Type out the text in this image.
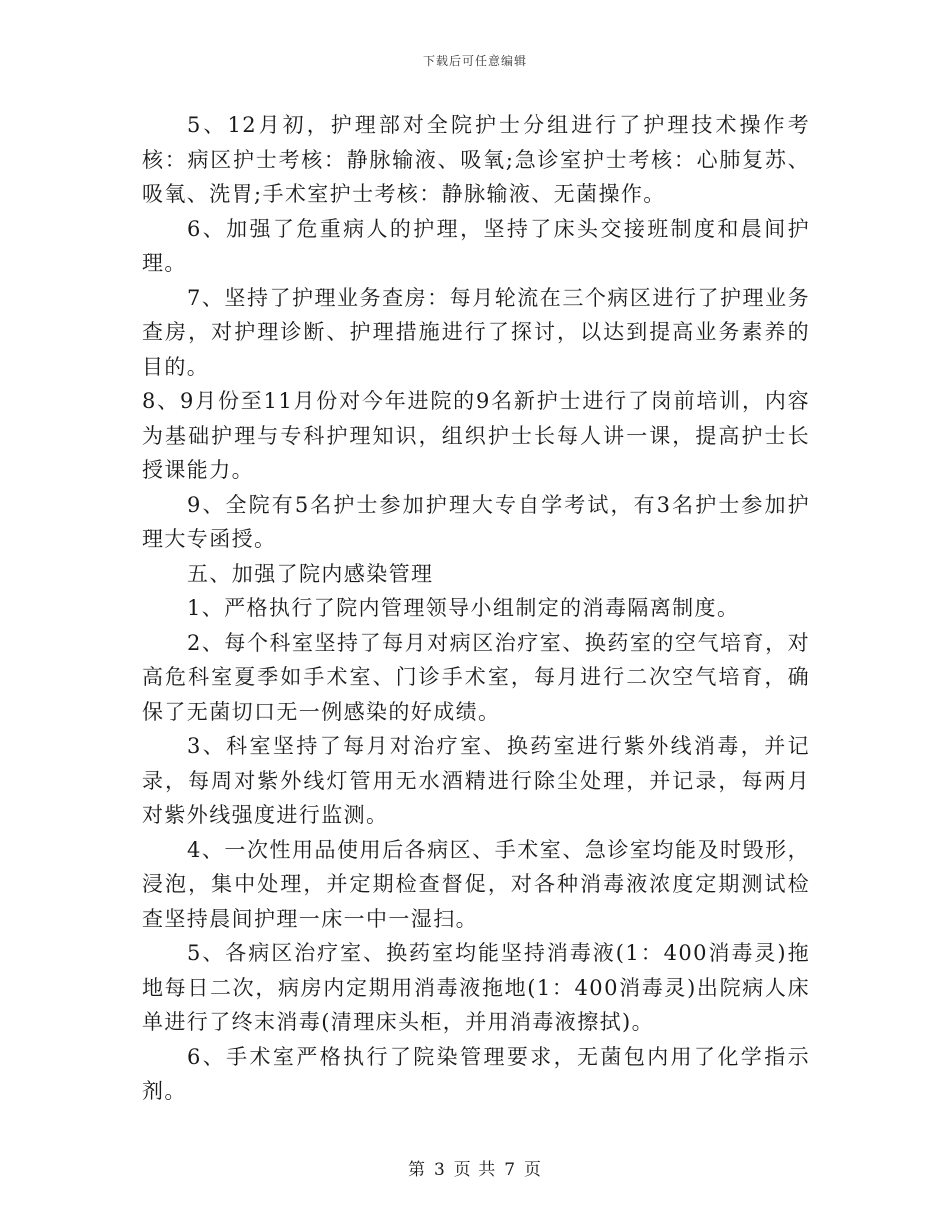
下载后可任意编辑

5、12月初，护理部对全院护士分组进行了护理技术操作考核：病区护士考核：静脉输液、吸氧;急诊室护士考核：心肺复苏、吸氧、洗胃;手术室护士考核：静脉输液、无菌操作。

6、加强了危重病人的护理，坚持了床头交接班制度和晨间护理。

7、坚持了护理业务查房：每月轮流在三个病区进行了护理业务查房，对护理诊断、护理措施进行了探讨，以达到提高业务素养的目的。

8、9月份至11月份对今年进院的9名新护士进行了岗前培训，内容为基础护理与专科护理知识，组织护士长每人讲一课，提高护士长授课能力。

9、全院有5名护士参加护理大专自学考试，有3名护士参加护理大专函授。

五、加强了院内感染管理

1、严格执行了院内管理领导小组制定的消毒隔离制度。

2、每个科室坚持了每月对病区治疗室、换药室的空气培育，对高危科室夏季如手术室、门诊手术室，每月进行二次空气培育，确保了无菌切口无一例感染的好成绩。

3、科室坚持了每月对治疗室、换药室进行紫外线消毒，并记录，每周对紫外线灯管用无水酒精进行除尘处理，并记录，每两月对紫外线强度进行监测。

4、一次性用品使用后各病区、手术室、急诊室均能及时毁形，浸泡，集中处理，并定期检查督促，对各种消毒液浓度定期测试检查坚持晨间护理一床一中一湿扫。

5、各病区治疗室、换药室均能坚持消毒液(1：400消毒灵)拖地每日二次，病房内定期用消毒液拖地(1：400消毒灵)出院病人床单进行了终末消毒(清理床头柜，并用消毒液擦拭)。

6、手术室严格执行了院染管理要求，无菌包内用了化学指示剂。

第 3 页 共 7 页
